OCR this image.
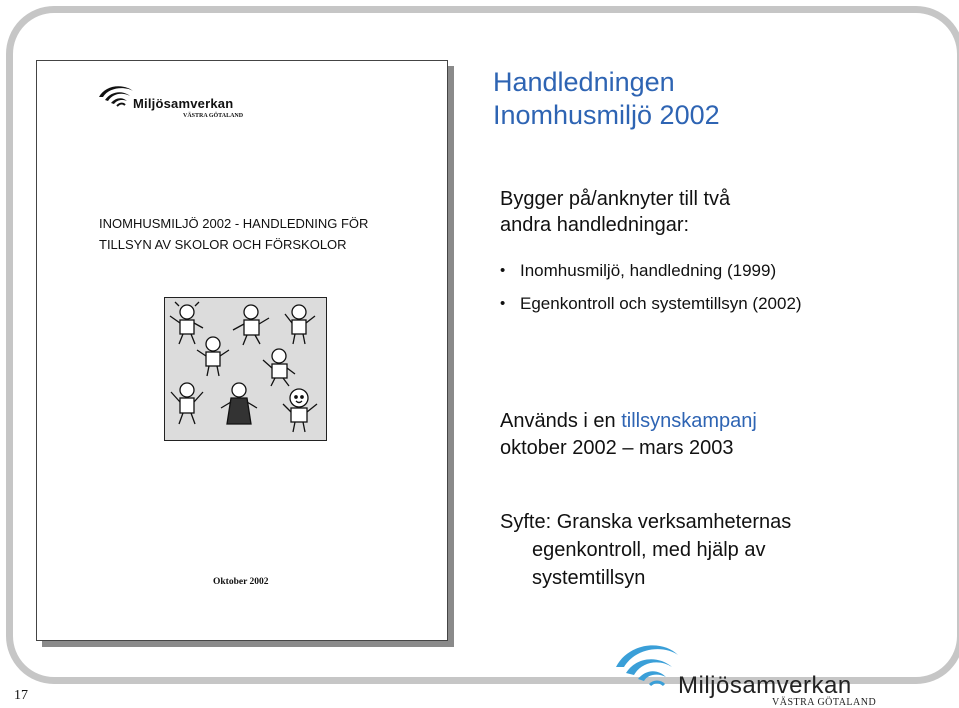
Miljösamverkan
VÄSTRA GÖTALAND
INOMHUSMILJÖ 2002 - HANDLEDNING FÖR
TILLSYN AV SKOLOR OCH FÖRSKOLOR
Oktober 2002
Handledningen
Inomhusmiljö 2002
Bygger på/anknyter till två
andra handledningar:
• Inomhusmiljö, handledning (1999)
• Egenkontroll och systemtillsyn (2002)
Används i en tillsynskampanj
oktober 2002 – mars 2003
Syfte: Granska verksamheternas
egenkontroll, med hjälp av
systemtillsyn
17	Miljösamverkan
VÄSTRA GÖTALAND
